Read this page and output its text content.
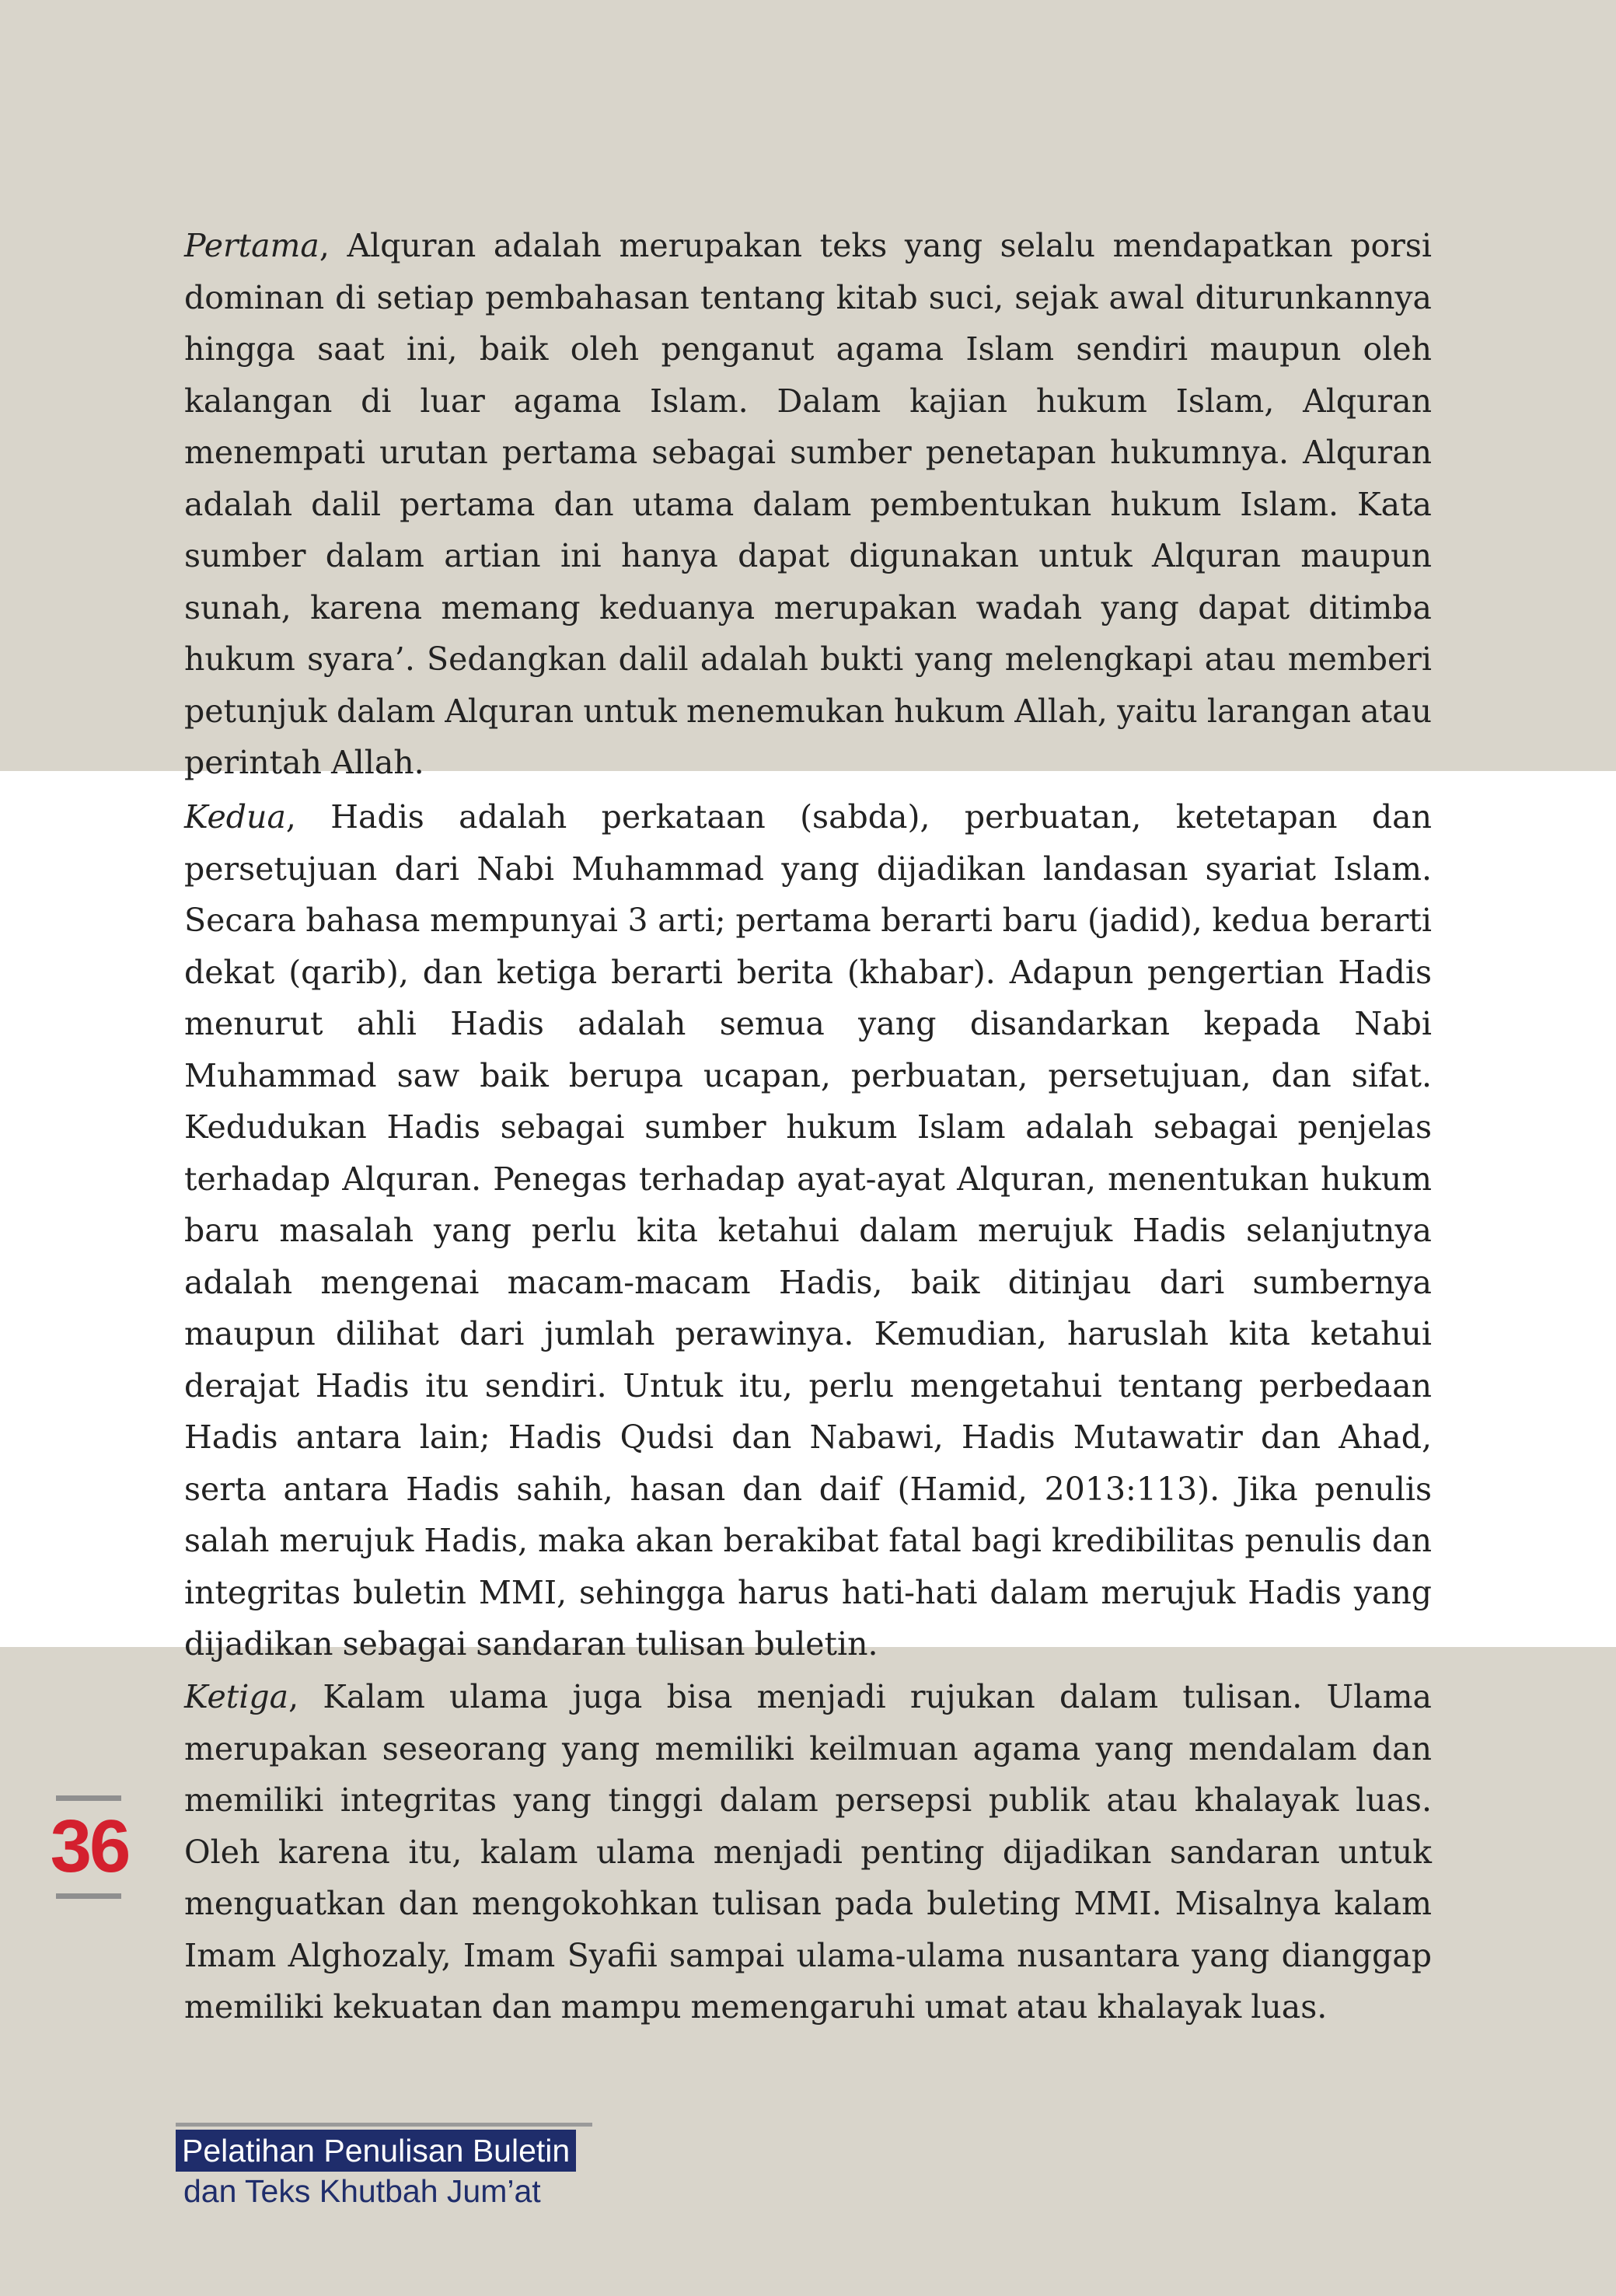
Pertama, Alquran adalah merupakan teks yang selalu mendapatkan porsi dominan di setiap pembahasan tentang kitab suci, sejak awal diturunkannya hingga saat ini, baik oleh penganut agama Islam sendiri maupun oleh kalangan di luar agama Islam. Dalam kajian hukum Islam, Alquran menempati urutan pertama sebagai sumber penetapan hukumnya. Alquran adalah dalil pertama dan utama dalam pembentukan hukum Islam. Kata sumber dalam artian ini hanya dapat digunakan untuk Alquran maupun sunah, karena memang keduanya merupakan wadah yang dapat ditimba hukum syara’. Sedangkan dalil adalah bukti yang melengkapi atau memberi petunjuk dalam Alquran untuk menemukan hukum Allah, yaitu larangan atau perintah Allah.

Kedua, Hadis adalah perkataan (sabda), perbuatan, ketetapan dan persetujuan dari Nabi Muhammad yang dijadikan landasan syariat Islam. Secara bahasa mempunyai 3 arti; pertama berarti baru (jadid), kedua berarti dekat (qarib), dan ketiga berarti berita (khabar). Adapun pengertian Hadis menurut ahli Hadis adalah semua yang disandarkan kepada Nabi Muhammad saw baik berupa ucapan, perbuatan, persetujuan, dan sifat. Kedudukan Hadis sebagai sumber hukum Islam adalah sebagai penjelas terhadap Alquran. Penegas terhadap ayat-ayat Alquran, menentukan hukum baru masalah yang perlu kita ketahui dalam merujuk Hadis selanjutnya adalah mengenai macam-macam Hadis, baik ditinjau dari sumbernya maupun dilihat dari jumlah perawinya. Kemudian, haruslah kita ketahui derajat Hadis itu sendiri. Untuk itu, perlu mengetahui tentang perbedaan Hadis antara lain; Hadis Qudsi dan Nabawi, Hadis Mutawatir dan Ahad, serta antara Hadis sahih, hasan dan daif (Hamid, 2013:113). Jika penulis salah merujuk Hadis, maka akan berakibat fatal bagi kredibilitas penulis dan integritas buletin MMI, sehingga harus hati-hati dalam merujuk Hadis yang dijadikan sebagai sandaran tulisan buletin.

Ketiga, Kalam ulama juga bisa menjadi rujukan dalam tulisan. Ulama merupakan seseorang yang memiliki keilmuan agama yang mendalam dan memiliki integritas yang tinggi dalam persepsi publik atau khalayak luas. Oleh karena itu, kalam ulama menjadi penting dijadikan sandaran untuk menguatkan dan mengokohkan tulisan pada buleting MMI. Misalnya kalam Imam Alghozaly, Imam Syafii sampai ulama-ulama nusantara yang dianggap memiliki kekuatan dan mampu memengaruhi umat atau khalayak luas.

36
Pelatihan Penulisan Buletin
dan Teks Khutbah Jum’at
